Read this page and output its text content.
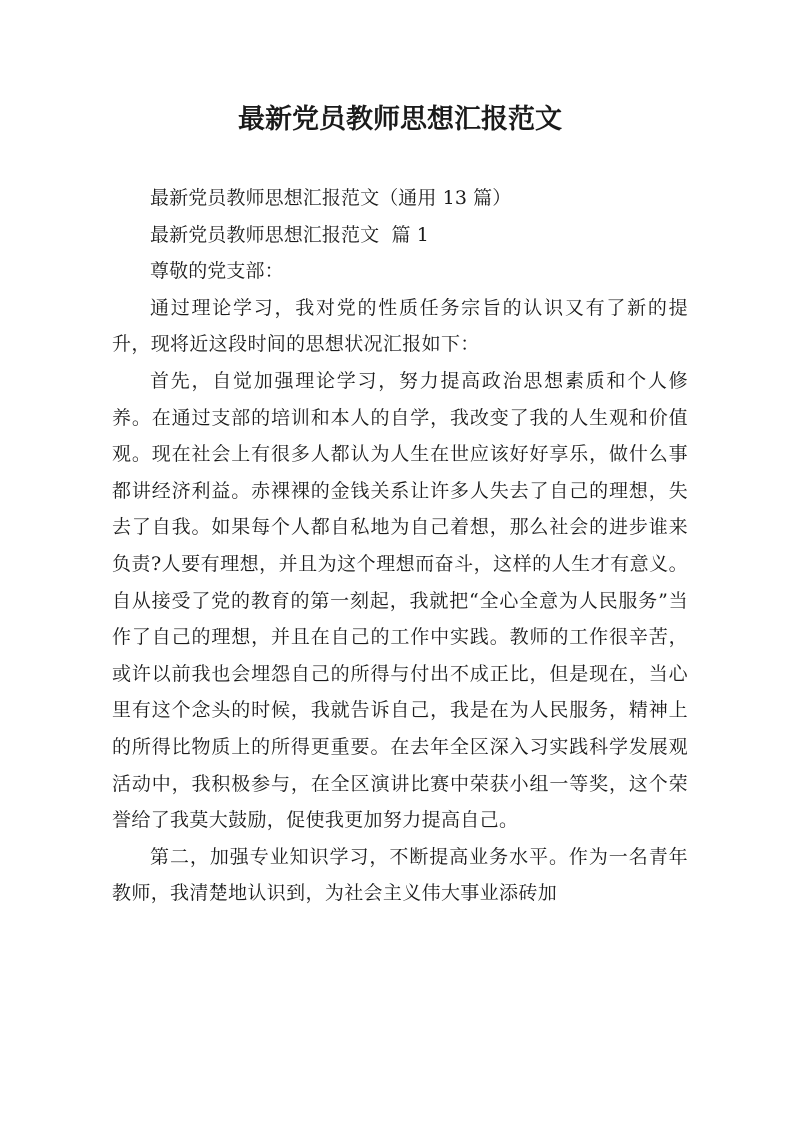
最新党员教师思想汇报范文

最新党员教师思想汇报范文（通用 13 篇）

最新党员教师思想汇报范文  篇 1

尊敬的党支部：

通过理论学习，我对党的性质任务宗旨的认识又有了新的提升，现将近这段时间的思想状况汇报如下：

首先，自觉加强理论学习，努力提高政治思想素质和个人修养。在通过支部的培训和本人的自学，我改变了我的人生观和价值观。现在社会上有很多人都认为人生在世应该好好享乐，做什么事都讲经济利益。赤裸裸的金钱关系让许多人失去了自己的理想，失去了自我。如果每个人都自私地为自己着想，那么社会的进步谁来负责?人要有理想，并且为这个理想而奋斗，这样的人生才有意义。自从接受了党的教育的第一刻起，我就把“全心全意为人民服务”当作了自己的理想，并且在自己的工作中实践。教师的工作很辛苦，或许以前我也会埋怨自己的所得与付出不成正比，但是现在，当心里有这个念头的时候，我就告诉自己，我是在为人民服务，精神上的所得比物质上的所得更重要。在去年全区深入习实践科学发展观活动中，我积极参与，在全区演讲比赛中荣获小组一等奖，这个荣誉给了我莫大鼓励，促使我更加努力提高自己。

第二，加强专业知识学习，不断提高业务水平。作为一名青年教师，我清楚地认识到，为社会主义伟大事业添砖加
